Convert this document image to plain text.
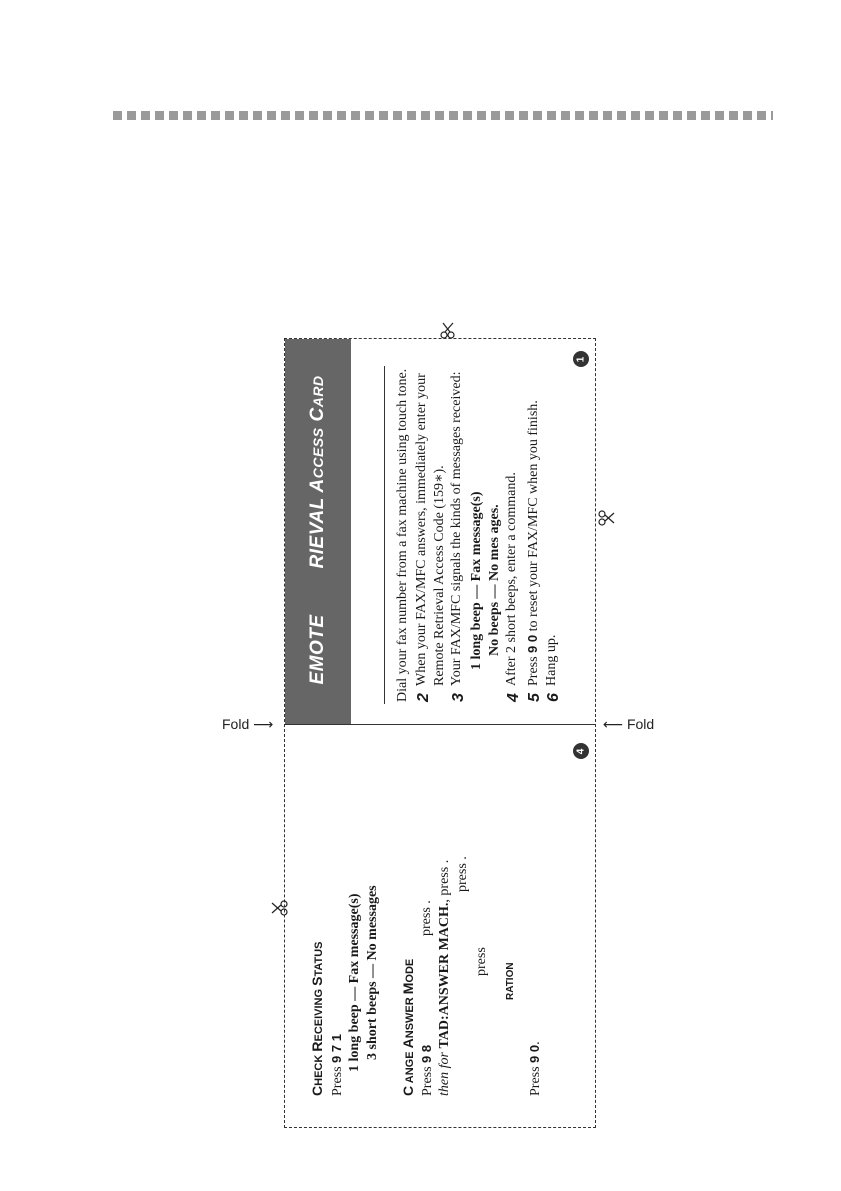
EMOTERIEVAL ACCESSCARD	Dial your fax number from a fax machine using touch tone. 2
When your FAX/MFC answers, immediately enter your Remote Retrieval Access Code (159∗).
3
Your FAX/MFC signals the kinds of messages received: 1 long beep — Fax message(s) No beeps — No mes ages.
4
After 2 short beeps, enter a command.
5
Press 9 0 to reset your FAX/MFC when you finish.
6
Hang up.
1
4
CHECK RECEIVING STATUS
Press 9 7 1 1 long beep — Fax message(s) 3 short beeps — No messages
C ANGE ANSWER MODE
Press 9 8 then for TAD:ANSWER MACH., press . press .
press .
press
RATION
Press 9 0.
Fold ⟶	⟵ Fold
